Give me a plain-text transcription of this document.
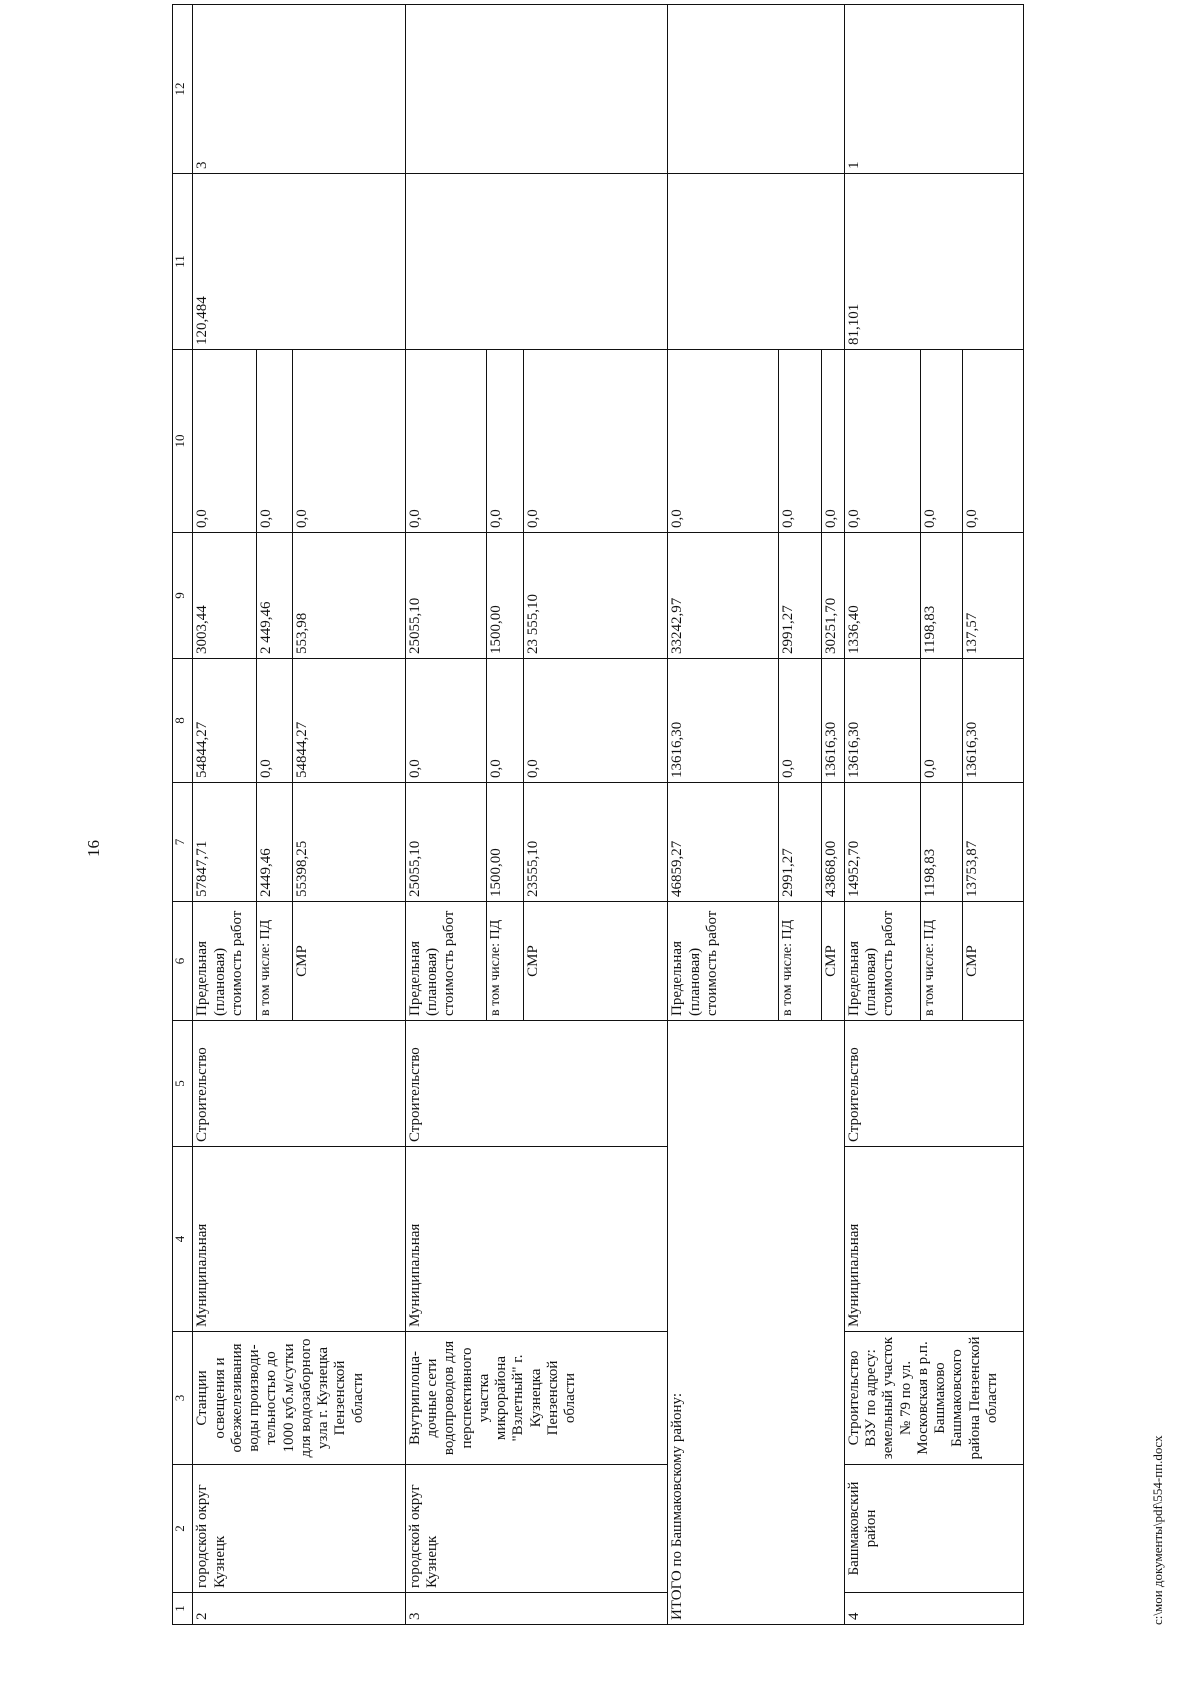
16
1	2	3	4	5	6	7	8	9	10	11	12
2	городской округ Кузнецк	Станции освещения и обезжелезивания воды производи-тельностью до 1000 куб.м/сутки для водозаборного узла г. Кузнецка Пензенской области	Муниципальная	Строительство	Предельная (плановая) стоимость работ	57847,71	54844,27	3003,44	0,0	120,484	3
					в том числе: ПД	2449,46	0,0	2 449,46	0,0		
					СМР	55398,25	54844,27	553,98	0,0		
3	городской округ Кузнецк	Внутриплоща-дочные сети водопроводов для перспективного участка микрорайона "Взлетный" г. Кузнецка Пензенской области	Муниципальная	Строительство	Предельная (плановая) стоимость работ	25055,10	0,0	25055,10	0,0		
					в том числе: ПД	1500,00	0,0	1500,00	0,0		
					СМР	23555,10	0,0	23 555,10	0,0		
ИТОГО по Башмаковскому району:					Предельная (плановая) стоимость работ	46859,27	13616,30	33242,97	0,0		
					в том числе: ПД	2991,27	0,0	2991,27	0,0		
					СМР	43868,00	13616,30	30251,70	0,0		
4	Башмаковский район	Строительство ВЗУ по адресу: земельный участок № 79 по ул. Московская в р.п. Башмаково Башмаковского района Пензенской области	Муниципальная	Строительство	Предельная (плановая) стоимость работ	14952,70	13616,30	1336,40	0,0	81,101	1
					в том числе: ПД	1198,83	0,0	1198,83	0,0		
					СМР	13753,87	13616,30	137,57	0,0		
c:\мои документы\pdf\554-пп.docx
